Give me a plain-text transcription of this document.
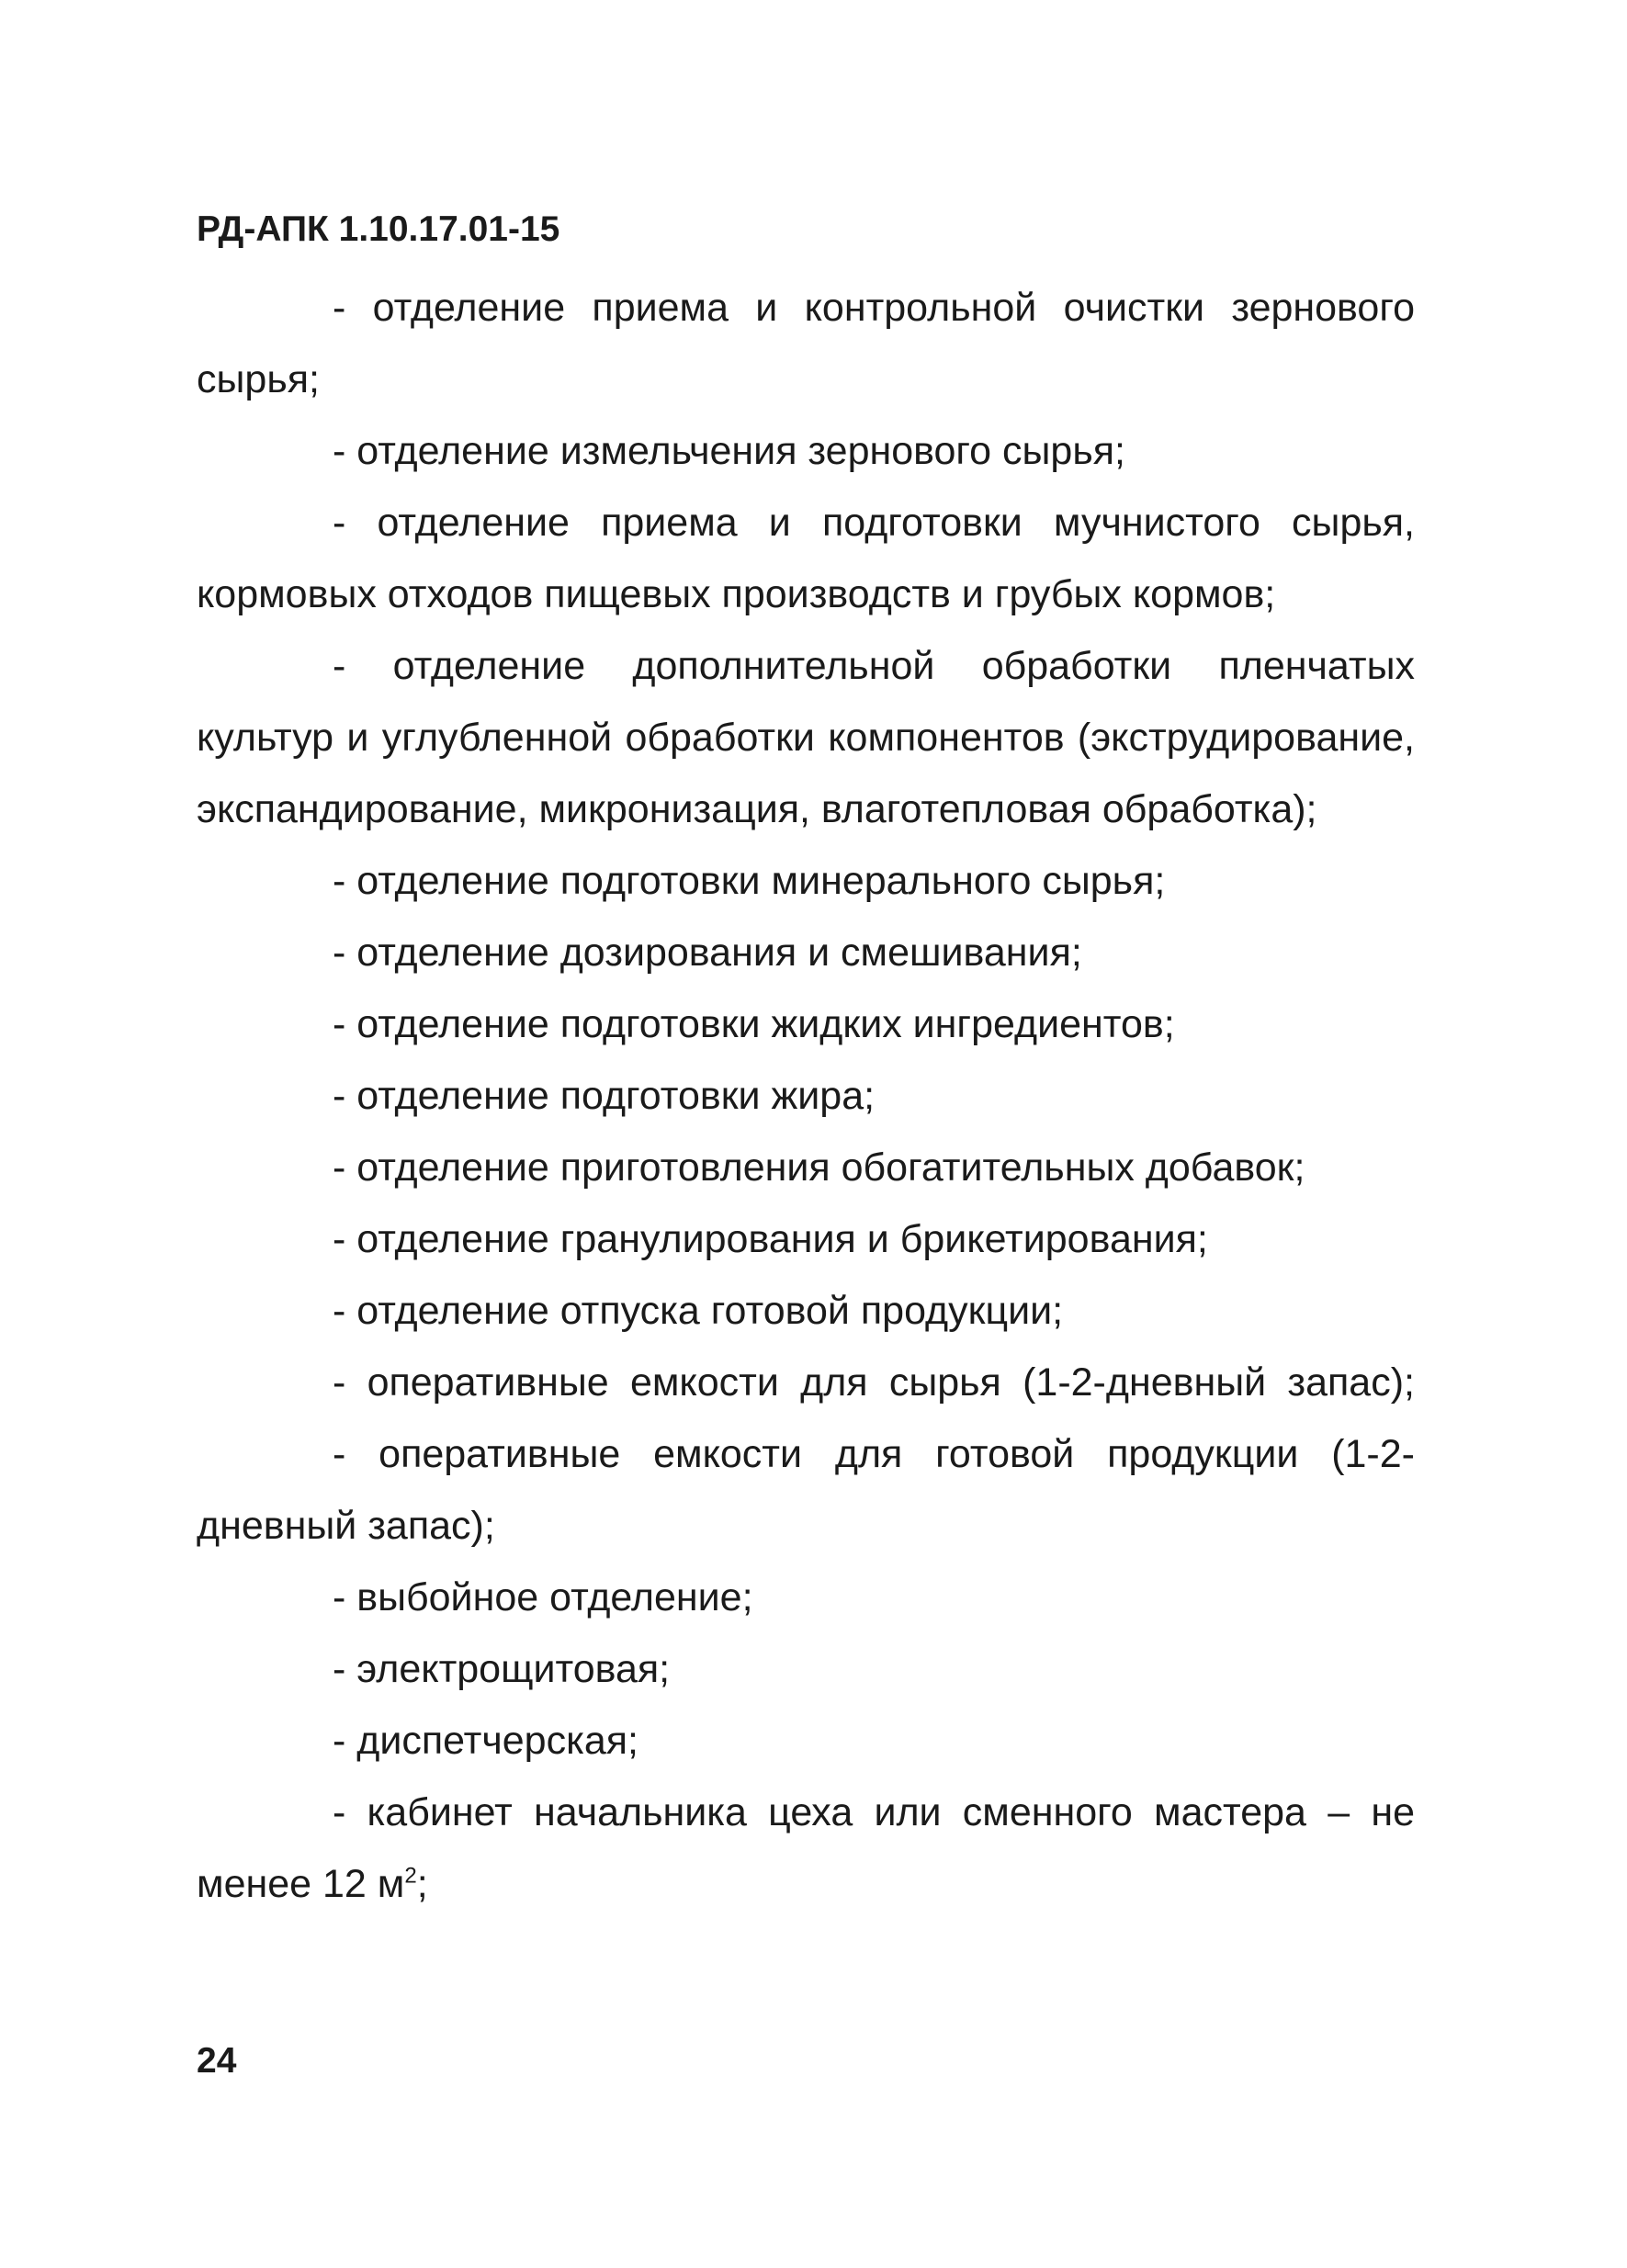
РД-АПК 1.10.17.01-15

- отделение приема и контрольной очистки зернового сырья;

- отделение измельчения зернового сырья;

- отделение приема и подготовки мучнистого сырья, кормовых отходов пищевых производств и грубых кормов;

- отделение дополнительной обработки пленчатых культур и углубленной обработки компонентов (экструдирование, экспандирование, микронизация, влаготепловая обработка);

- отделение подготовки минерального сырья;

- отделение дозирования и смешивания;

- отделение подготовки жидких ингредиентов;

- отделение подготовки жира;

- отделение приготовления обогатительных добавок;

- отделение гранулирования и брикетирования;

- отделение отпуска готовой продукции;

- оперативные емкости для сырья (1-2-дневный запас);

- оперативные емкости для готовой продукции (1-2-дневный запас);

- выбойное отделение;

- электрощитовая;

- диспетчерская;

- кабинет начальника цеха или сменного мастера – не менее 12 $м^2$;

24
